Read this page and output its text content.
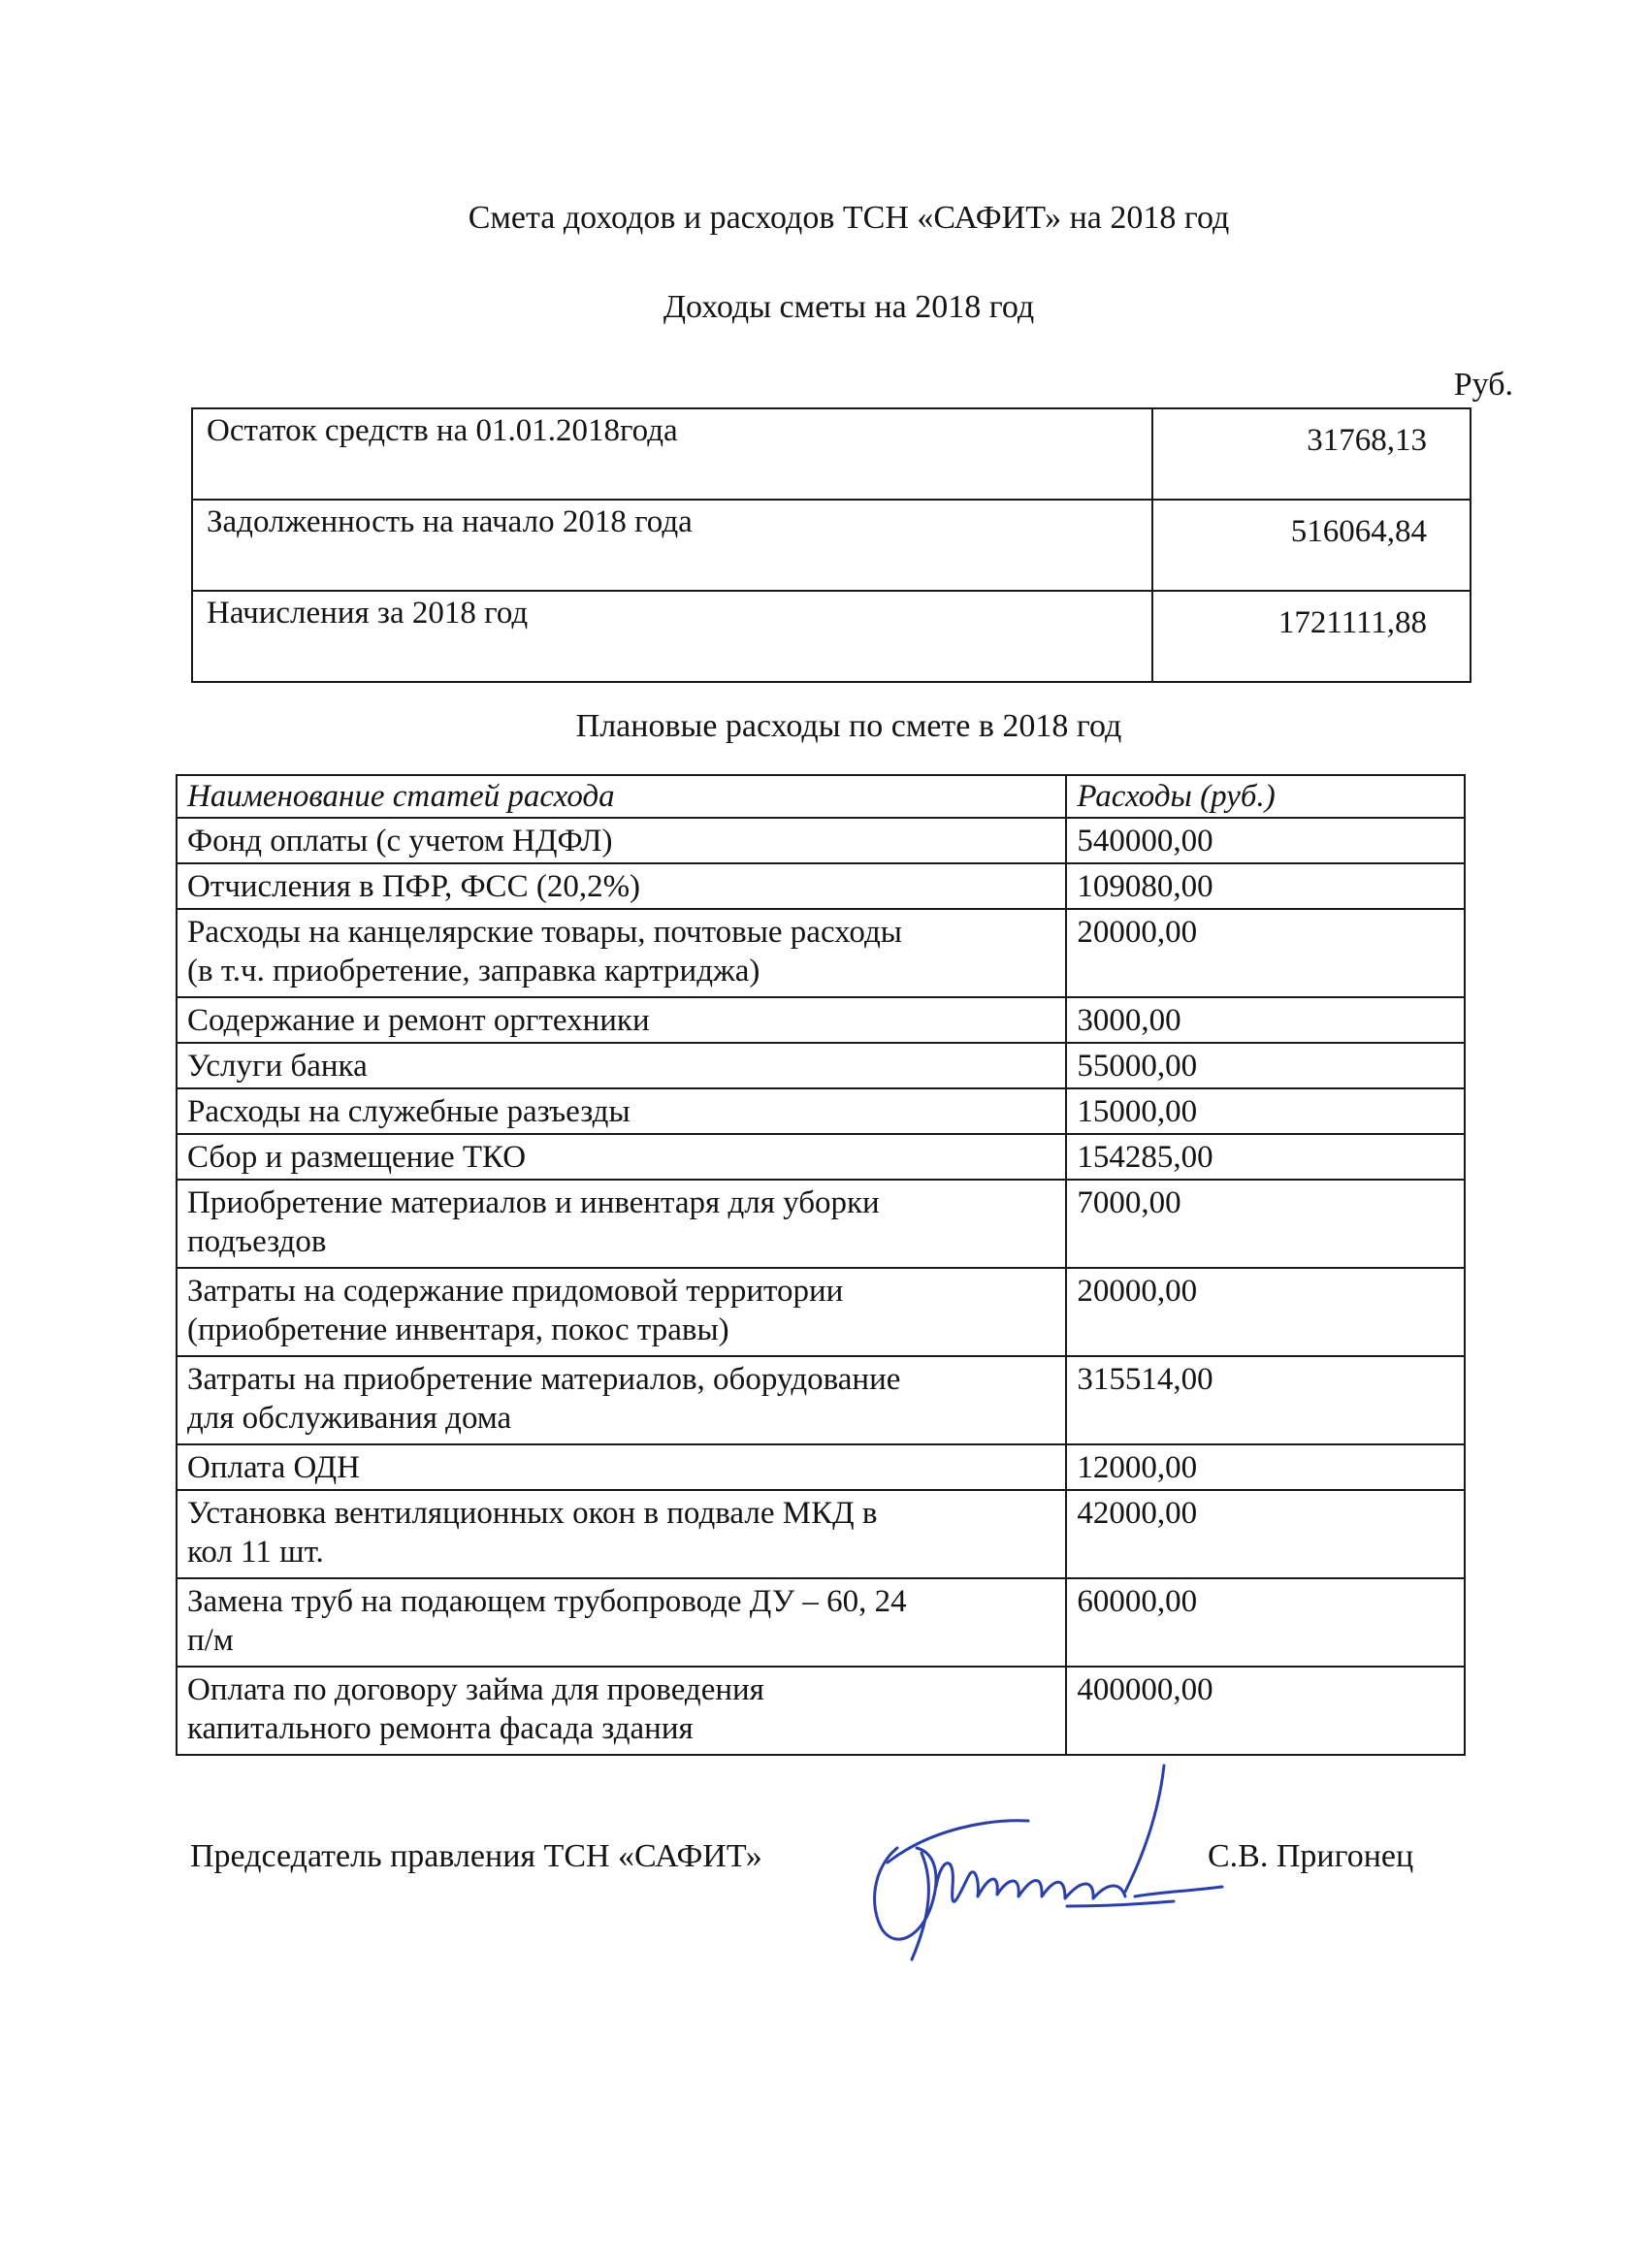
Смета доходов и расходов ТСН «САФИТ» на 2018 год
Доходы сметы на 2018 год
Руб.
Остаток средств на 01.01.2018года	31768,13
Задолженность на начало 2018 года	516064,84
Начисления за 2018 год	1721111,88
Плановые расходы по смете в 2018 год
Наименование статей расхода	Расходы (руб.)
Фонд оплаты (с учетом НДФЛ)	540000,00
Отчисления в ПФР, ФСС (20,2%)	109080,00
Расходы на канцелярские товары, почтовые расходы
(в т.ч. приобретение, заправка картриджа)	20000,00
Содержание и ремонт оргтехники	3000,00
Услуги банка	55000,00
Расходы на служебные разъезды	15000,00
Сбор и размещение ТКО	154285,00
Приобретение материалов и инвентаря для уборки
подъездов	7000,00
Затраты на содержание придомовой территории
(приобретение инвентаря, покос травы)	20000,00
Затраты на приобретение материалов, оборудование
для обслуживания дома	315514,00
Оплата ОДН	12000,00
Установка вентиляционных окон в подвале МКД в
кол 11 шт.	42000,00
Замена труб на подающем трубопроводе ДУ – 60, 24
п/м	60000,00
Оплата по договору займа для проведения
капитального ремонта фасада здания	400000,00
Председатель правления ТСН «САФИТ»	С.В. Пригонец
